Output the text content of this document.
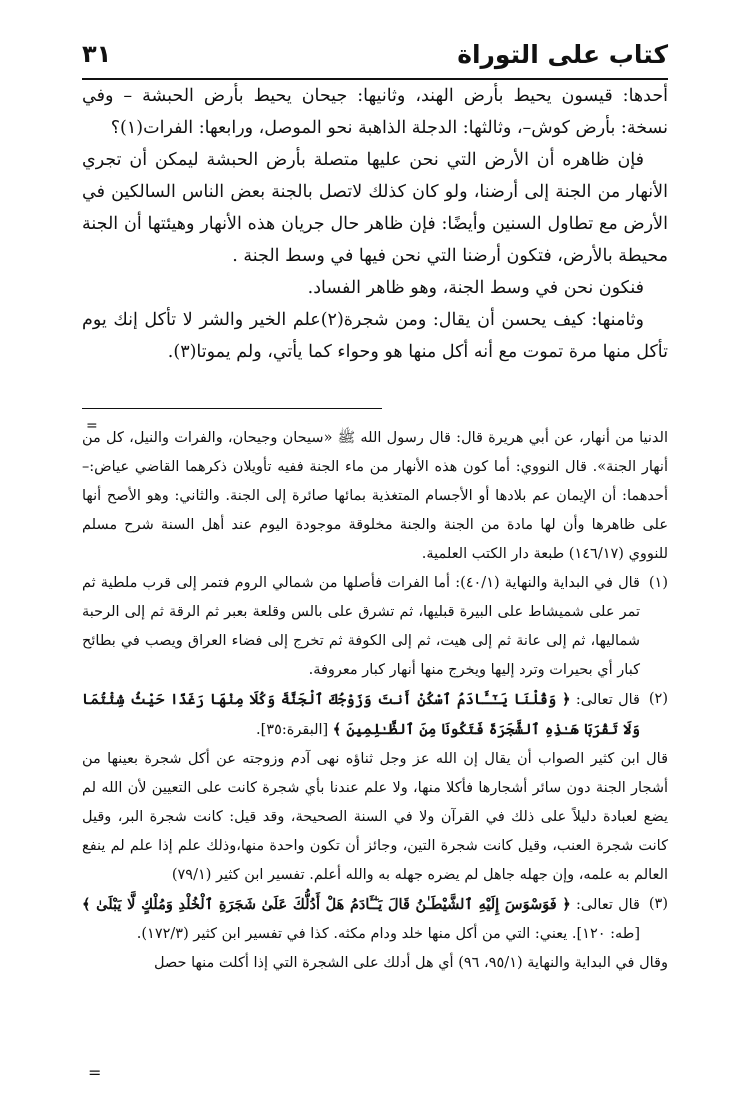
كتاب على التوراة
٣١

أحدها: قيسون يحيط بأرض الهند، وثانيها: جيحان يحيط بأرض الحبشة – وفي نسخة: بأرض كوش–، وثالثها: الدجلة الذاهبة نحو الموصل، ورابعها: الفرات(١)؟

فإن ظاهره أن الأرض التي نحن عليها متصلة بأرض الحبشة ليمكن أن تجري الأنهار من الجنة إلى أرضنا، ولو كان كذلك لاتصل بالجنة بعض الناس السالكين في الأرض مع تطاول السنين وأيضًا: فإن ظاهر حال جريان هذه الأنهار وهيئتها أن الجنة محيطة بالأرض، فتكون أرضنا التي نحن فيها في وسط الجنة .

فنكون نحن في وسط الجنة، وهو ظاهر الفساد.

وثامنها: كيف يحسن أن يقال: ومن شجرة(٢)علم الخير والشر لا تأكل إنك يوم تأكل منها مرة تموت مع أنه أكل منها هو وحواء كما يأتي، ولم يموتا(٣).

=

الدنيا من أنهار، عن أبي هريرة قال: قال رسول الله ﷺ «سيحان وجيحان، والفرات والنيل، كل من أنهار الجنة». قال النووي: أما كون هذه الأنهار من ماء الجنة ففيه تأويلان ذكرهما القاضي عياض:– أحدهما: أن الإيمان عم بلادها أو الأجسام المتغذية بمائها صائرة إلى الجنة. والثاني: وهو الأصح أنها على ظاهرها وأن لها مادة من الجنة والجنة مخلوقة موجودة اليوم عند أهل السنة شرح مسلم للنووي (١٤٦/١٧) طبعة دار الكتب العلمية.

(١)
قال في البداية والنهاية (٤٠/١): أما الفرات فأصلها من شمالي الروم فتمر إلى قرب ملطية ثم تمر على شميشاط على البيرة قبليها، ثم تشرق على بالس وقلعة بعبر ثم الرقة ثم إلى الرحبة شماليها، ثم إلى عانة ثم إلى هيت، ثم إلى الكوفة ثم تخرج إلى فضاء العراق ويصب في بطائح كبار أي بحيرات وترد إليها ويخرج منها أنهار كبار معروفة.

(٢)
قال تعالى: ﴿ وَقُلْنَا يَـٰٓـَٔادَمُ ٱسْكُنْ أَنتَ وَزَوْجُكَ ٱلْجَنَّةَ وَكُلَا مِنْهَا رَغَدًا حَيْثُ شِئْتُمَا وَلَا تَقْرَبَا هَـٰذِهِ ٱلشَّجَرَةَ فَتَكُونَا مِنَ ٱلظَّـٰلِمِينَ ﴾ [البقرة:٣٥].

قال ابن كثير الصواب أن يقال إن الله عز وجل ثناؤه نهى آدم وزوجته عن أكل شجرة بعينها من أشجار الجنة دون سائر أشجارها فأكلا منها، ولا علم عندنا بأي شجرة كانت على التعيين لأن الله لم يضع لعبادة دليلاً على ذلك في القرآن ولا في السنة الصحيحة، وقد قيل: كانت شجرة البر، وقيل كانت شجرة العنب، وقيل كانت شجرة التين، وجائز أن تكون واحدة منها،وذلك علم إذا علم لم ينفع العالم به علمه، وإن جهله جاهل لم يضره جهله به والله أعلم. تفسير ابن كثير (٧٩/١)

(٣)
قال تعالى: ﴿ فَوَسْوَسَ إِلَيْهِ ٱلشَّيْطَـٰنُ قَالَ يَـٰٓـَٔادَمُ هَلْ أَدُلُّكَ عَلَىٰ شَجَرَةِ ٱلْخُلْدِ وَمُلْكٍ لَّا يَبْلَىٰ ﴾ [طه: ١٢٠]. يعني: التي من أكل منها خلد ودام مكثه. كذا في تفسير ابن كثير (١٧٢/٣).

وقال في البداية والنهاية (٩٥/١، ٩٦) أي هل أدلك على الشجرة التي إذا أكلت منها حصل

=
